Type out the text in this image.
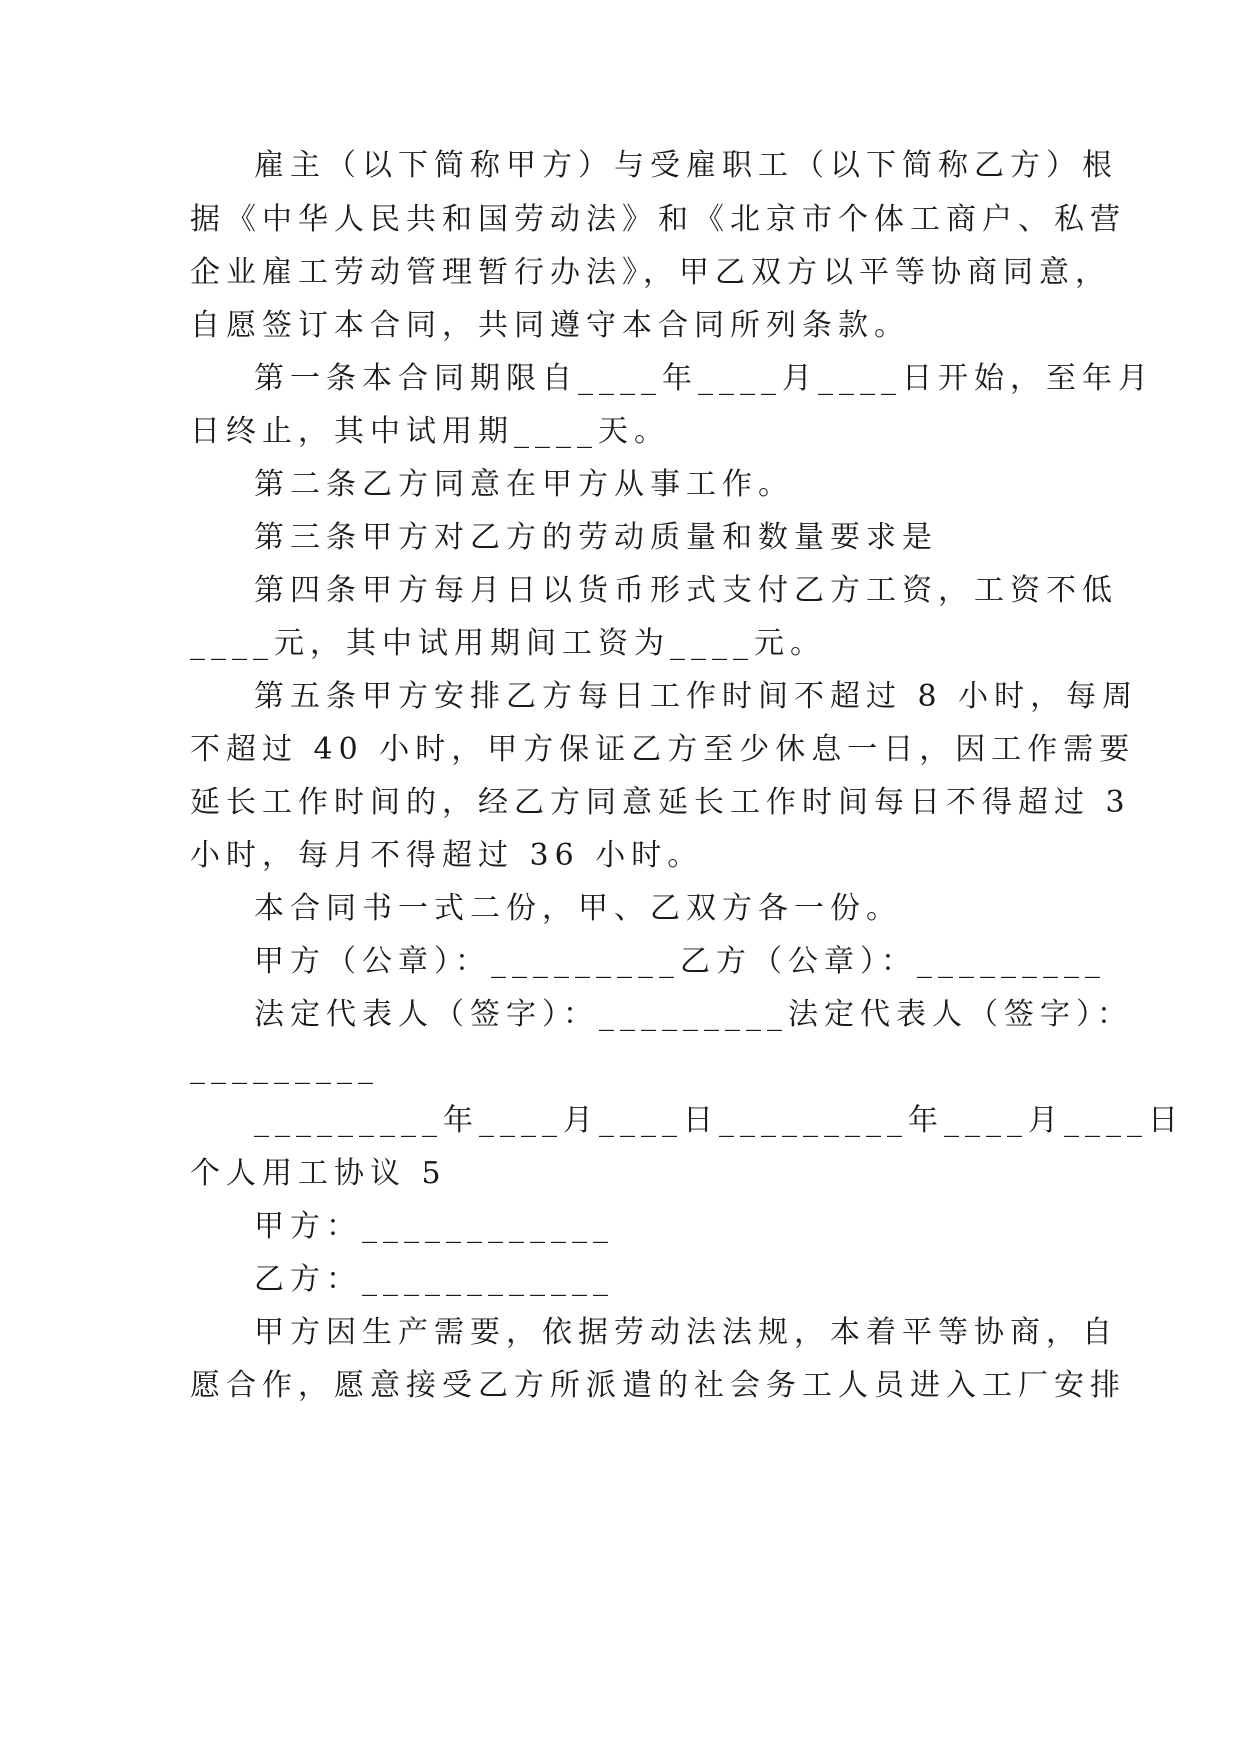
雇主（以下简称甲方）与受雇职工（以下简称乙方）根
据《中华人民共和国劳动法》和《北京市个体工商户、私营
企业雇工劳动管理暂行办法》，甲乙双方以平等协商同意，
自愿签订本合同，共同遵守本合同所列条款。
第一条本合同期限自____年____月____日开始，至年月
日终止，其中试用期____天。
第二条乙方同意在甲方从事工作。
第三条甲方对乙方的劳动质量和数量要求是
第四条甲方每月日以货币形式支付乙方工资，工资不低
____元，其中试用期间工资为____元。
第五条甲方安排乙方每日工作时间不超过 8 小时，每周
不超过 40 小时，甲方保证乙方至少休息一日，因工作需要
延长工作时间的，经乙方同意延长工作时间每日不得超过 3
小时，每月不得超过 36 小时。
本合同书一式二份，甲、乙双方各一份。
甲方（公章）：_________乙方（公章）：_________
法定代表人（签字）：_________法定代表人（签字）：
_________
_________年____月____日_________年____月____日
个人用工协议 5
甲方：____________
乙方：____________
甲方因生产需要，依据劳动法法规，本着平等协商，自
愿合作，愿意接受乙方所派遣的社会务工人员进入工厂安排
